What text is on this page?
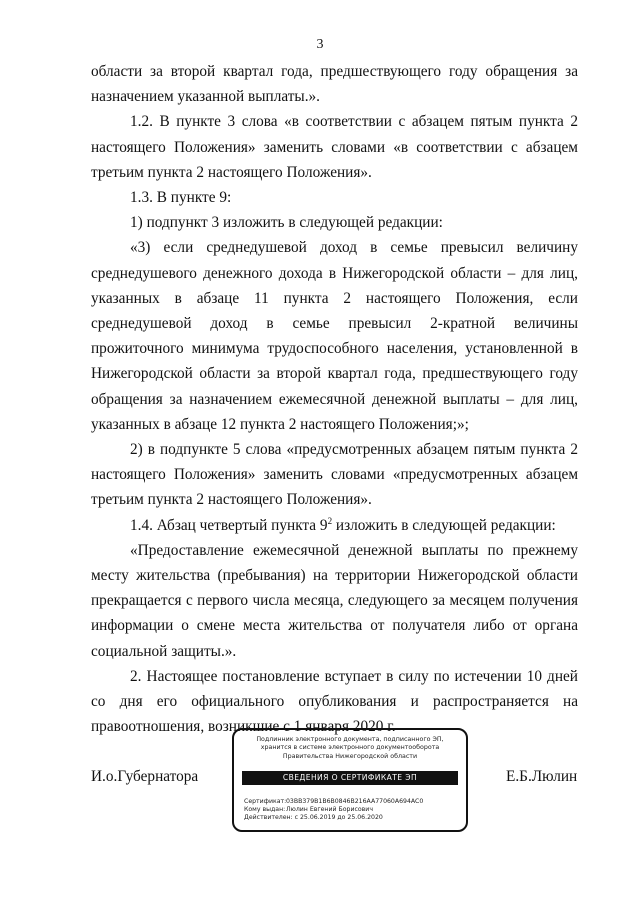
3

области за второй квартал года, предшествующего году обращения за назначением указанной выплаты.».

1.2. В пункте 3 слова «в соответствии с абзацем пятым пункта 2 настоящего Положения» заменить словами «в соответствии с абзацем третьим пункта 2 настоящего Положения».

1.3. В пункте 9:

1) подпункт 3 изложить в следующей редакции:

«3) если среднедушевой доход в семье превысил величину среднедушевого денежного дохода в Нижегородской области – для лиц, указанных в абзаце 11 пункта 2 настоящего Положения, если среднедушевой доход в семье превысил 2-кратной величины прожиточного минимума трудоспособного населения, установленной в Нижегородской области за второй квартал года, предшествующего году обращения за назначением ежемесячной денежной выплаты – для лиц, указанных в абзаце 12 пункта 2 настоящего Положения;»;

2) в подпункте 5 слова «предусмотренных абзацем пятым пункта 2 настоящего Положения» заменить словами «предусмотренных абзацем третьим пункта 2 настоящего Положения».

1.4. Абзац четвертый пункта $9^2$ изложить в следующей редакции:

«Предоставление ежемесячной денежной выплаты по прежнему месту жительства (пребывания) на территории Нижегородской области прекращается с первого числа месяца, следующего за месяцем получения информации о смене места жительства от получателя либо от органа социальной защиты.».

2. Настоящее постановление вступает в силу по истечении 10 дней со дня его официального опубликования и распространяется на правоотношения, возникшие с 1 января 2020 г.

И.о.Губернатора
Подлинник электронного документа, подписанного ЭП,
хранится в системе электронного документооборота
Правительства Нижегородской области
СВЕДЕНИЯ О СЕРТИФИКАТЕ ЭП
Сертификат: 03BB379B1B6B0846B216AA77060A694AC0
Кому выдан: Люлин Евгений Борисович
Действителен: с 25.06.2019 до 25.06.2020
Е.Б.Люлин
